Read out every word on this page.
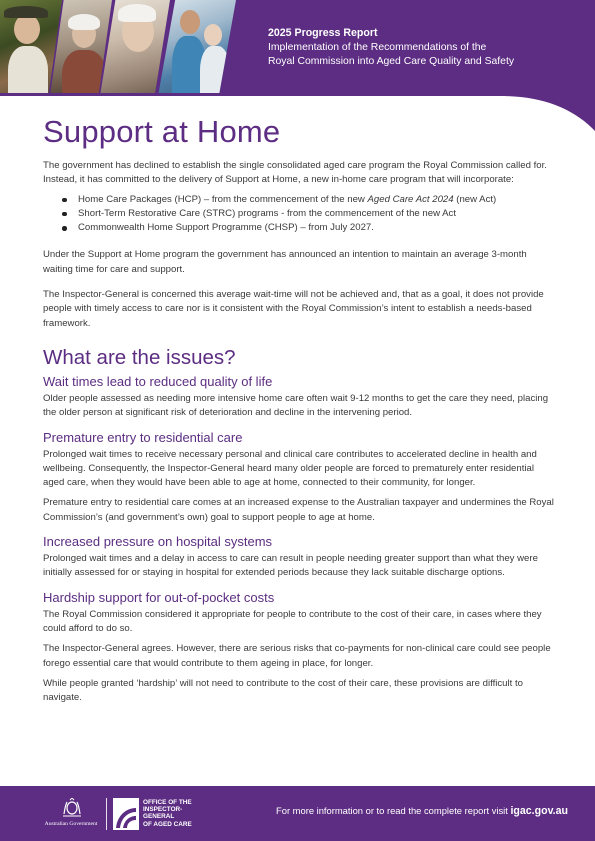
2025 Progress Report
Implementation of the Recommendations of the
Royal Commission into Aged Care Quality and Safety
Support at Home

The government has declined to establish the single consolidated aged care program the Royal Commission called for. Instead, it has committed to the delivery of Support at Home, a new in-home care program that will incorporate:

Home Care Packages (HCP) – from the commencement of the new Aged Care Act 2024 (new Act)
Short-Term Restorative Care (STRC) programs - from the commencement of the new Act
Commonwealth Home Support Programme (CHSP) – from July 2027.

Under the Support at Home program the government has announced an intention to maintain an average 3-month waiting time for care and support.

The Inspector-General is concerned this average wait-time will not be achieved and, that as a goal, it does not provide people with timely access to care nor is it consistent with the Royal Commission’s intent to establish a needs-based framework.

What are the issues?
Wait times lead to reduced quality of life

Older people assessed as needing more intensive home care often wait 9-12 months to get the care they need, placing the older person at significant risk of deterioration and decline in the intervening period.

Premature entry to residential care

Prolonged wait times to receive necessary personal and clinical care contributes to accelerated decline in health and wellbeing. Consequently, the Inspector-General heard many older people are forced to prematurely enter residential aged care, when they would have been able to age at home, connected to their community, for longer.

Premature entry to residential care comes at an increased expense to the Australian taxpayer and undermines the Royal Commission’s (and government’s own) goal to support people to age at home.

Increased pressure on hospital systems

Prolonged wait times and a delay in access to care can result in people needing greater support than what they were initially assessed for or staying in hospital for extended periods because they lack suitable discharge options.

Hardship support for out-of-pocket costs

The Royal Commission considered it appropriate for people to contribute to the cost of their care, in cases where they could afford to do so.

The Inspector-General agrees. However, there are serious risks that co-payments for non-clinical care could see people forego essential care that would contribute to them ageing in place, for longer.

While people granted ‘hardship’ will not need to contribute to the cost of their care, these provisions are difficult to navigate.

Australian Government
OFFICE OF THE
INSPECTOR-
GENERAL
OF AGED CARE
For more information or to read the complete report visit igac.gov.au
